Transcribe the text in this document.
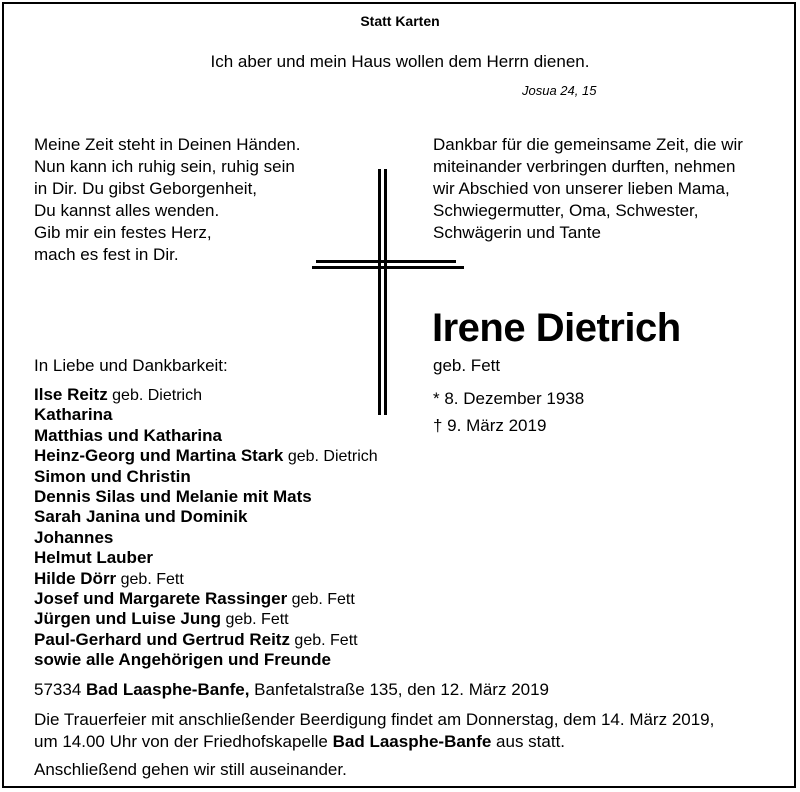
Statt Karten
Ich aber und mein Haus wollen dem Herrn dienen.
Josua 24, 15
Meine Zeit steht in Deinen Händen.
Nun kann ich ruhig sein, ruhig sein
in Dir. Du gibst Geborgenheit,
Du kannst alles wenden.
Gib mir ein festes Herz,
mach es fest in Dir.
Dankbar für die gemeinsame Zeit, die wir
miteinander verbringen durften, nehmen
wir Abschied von unserer lieben Mama,
Schwiegermutter, Oma, Schwester,
Schwägerin und Tante
Irene Dietrich
geb. Fett
* 8. Dezember 1938
† 9. März 2019
In Liebe und Dankbarkeit:
Ilse Reitz geb. Dietrich
Katharina
Matthias und Katharina
Heinz-Georg und Martina Stark geb. Dietrich
Simon und Christin
Dennis Silas und Melanie mit Mats
Sarah Janina und Dominik
Johannes
Helmut Lauber
Hilde Dörr geb. Fett
Josef und Margarete Rassinger geb. Fett
Jürgen und Luise Jung geb. Fett
Paul-Gerhard und Gertrud Reitz geb. Fett
sowie alle Angehörigen und Freunde
57334 Bad Laasphe-Banfe, Banfetalstraße 135, den 12. März 2019
Die Trauerfeier mit anschließender Beerdigung findet am Donnerstag, dem 14. März 2019,
um 14.00 Uhr von der Friedhofskapelle Bad Laasphe-Banfe aus statt.
Anschließend gehen wir still auseinander.
